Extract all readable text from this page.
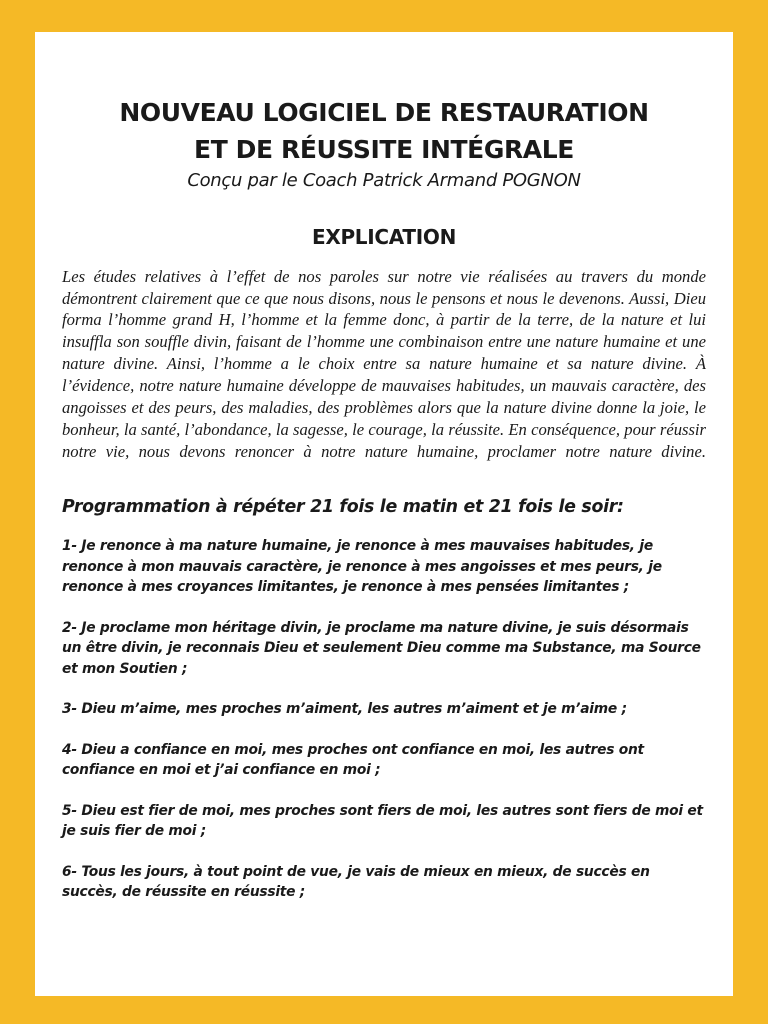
NOUVEAU LOGICIEL DE RESTAURATION
ET DE RÉUSSITE INTÉGRALE
Conçu par le Coach Patrick Armand POGNON
EXPLICATION

Les études relatives à l’effet de nos paroles sur notre vie réalisées au travers du monde démontrent clairement que ce que nous disons, nous le pensons et nous le devenons. Aussi, Dieu forma l’homme grand H, l’homme et la femme donc, à partir de la terre, de la nature et lui insuffla son souffle divin, faisant de l’homme une combinaison entre une nature humaine et une nature divine. Ainsi, l’homme a le choix entre sa nature humaine et sa nature divine. À l’évidence, notre nature humaine développe de mauvaises habitudes, un mauvais caractère, des angoisses et des peurs, des maladies, des problèmes alors que la nature divine donne la joie, le bonheur, la santé, l’abondance, la sagesse, le courage, la réussite. En conséquence, pour réussir notre vie, nous devons renoncer à notre nature humaine, proclamer notre nature divine.

Programmation à répéter 21 fois le matin et 21 fois le soir:

1- Je renonce à ma nature humaine, je renonce à mes mauvaises habitudes, je renonce à mon mauvais caractère, je renonce à mes angoisses et mes peurs, je renonce à mes croyances limitantes, je renonce à mes pensées limitantes ;

2- Je proclame mon héritage divin, je proclame ma nature divine, je suis désormais un être divin, je reconnais Dieu et seulement Dieu comme ma Substance, ma Source et mon Soutien ;

3- Dieu m’aime, mes proches m’aiment, les autres m’aiment et je m’aime ;

4- Dieu a confiance en moi, mes proches ont confiance en moi, les autres ont confiance en moi et j’ai confiance en moi ;

5- Dieu est fier de moi, mes proches sont fiers de moi, les autres sont fiers de moi et je suis fier de moi ;

6- Tous les jours, à tout point de vue, je vais de mieux en mieux, de succès en succès, de réussite en réussite ;
